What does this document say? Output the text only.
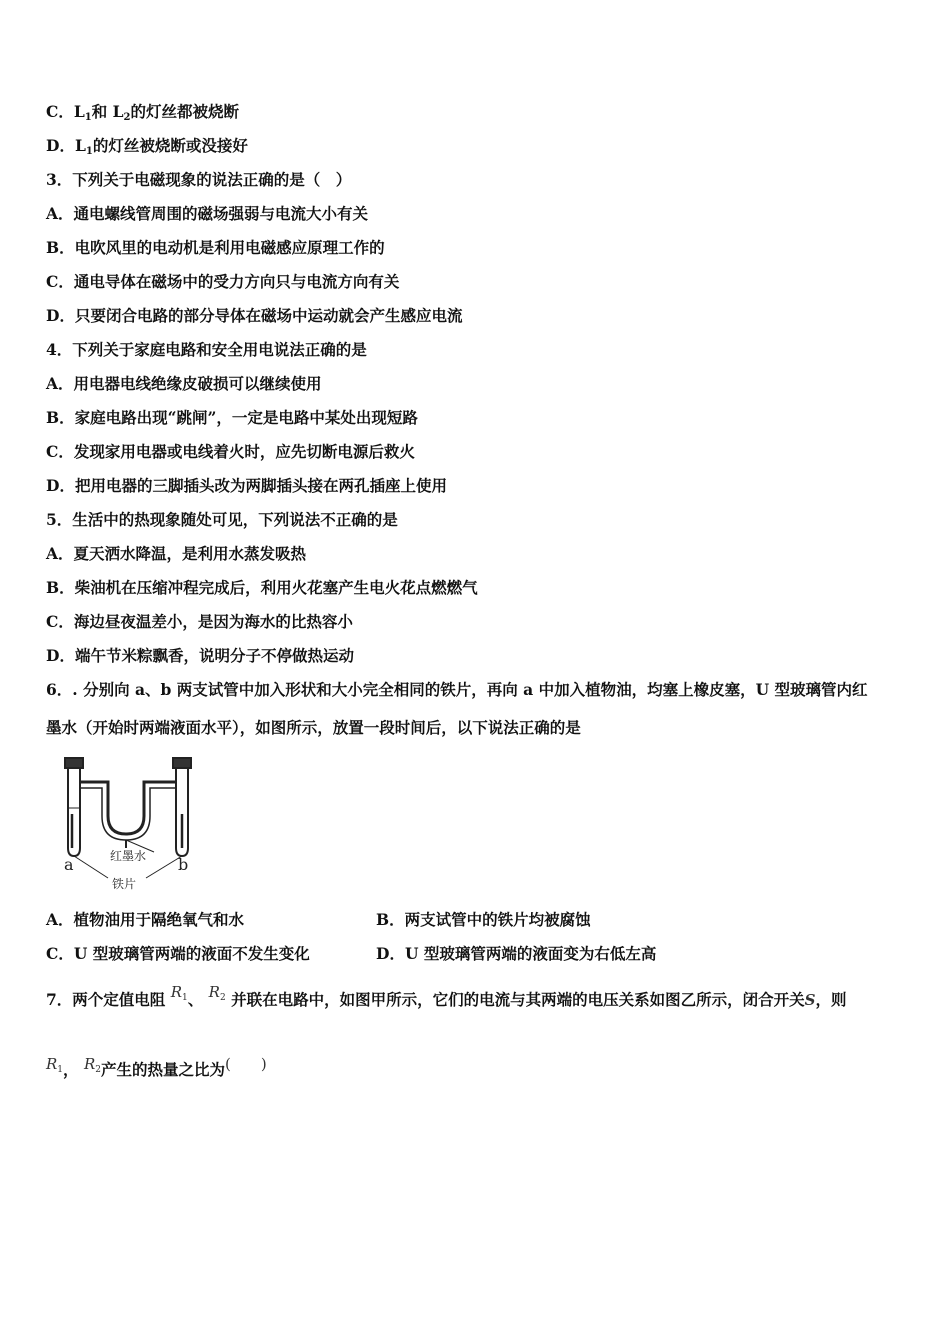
C．$L_1$和 $L_2$的灯丝都被烧断
D．$L_1$的灯丝被烧断或没接好
3．下列关于电磁现象的说法正确的是（　）
A．通电螺线管周围的磁场强弱与电流大小有关
B．电吹风里的电动机是利用电磁感应原理工作的
C．通电导体在磁场中的受力方向只与电流方向有关
D．只要闭合电路的部分导体在磁场中运动就会产生感应电流
4．下列关于家庭电路和安全用电说法正确的是
A．用电器电线绝缘皮破损可以继续使用
B．家庭电路出现“跳闸”，一定是电路中某处出现短路
C．发现家用电器或电线着火时，应先切断电源后救火
D．把用电器的三脚插头改为两脚插头接在两孔插座上使用
5．生活中的热现象随处可见，下列说法不正确的是
A．夏天洒水降温，是利用水蒸发吸热
B．柴油机在压缩冲程完成后，利用火花塞产生电火花点燃燃气
C．海边昼夜温差小，是因为海水的比热容小
D．端午节米粽飘香，说明分子不停做热运动
6．. 分别向 a、b 两支试管中加入形状和大小完全相同的铁片，再向 a 中加入植物油，均塞上橡皮塞，U 型玻璃管内红
墨水（开始时两端液面水平），如图所示，放置一段时间后，以下说法正确的是
a	b
红墨水
铁片
A．植物油用于隔绝氧气和水	B．两支试管中的铁片均被腐蚀
C．U 型玻璃管两端的液面不发生变化	D．U 型玻璃管两端的液面变为右低左高
7．两个定值电阻 $R_1$、 $R_2$ 并联在电路中，如图甲所示，它们的电流与其两端的电压关系如图乙所示，闭合开关S，则
$R_1$， $R_2$产生的热量之比为(　　)
